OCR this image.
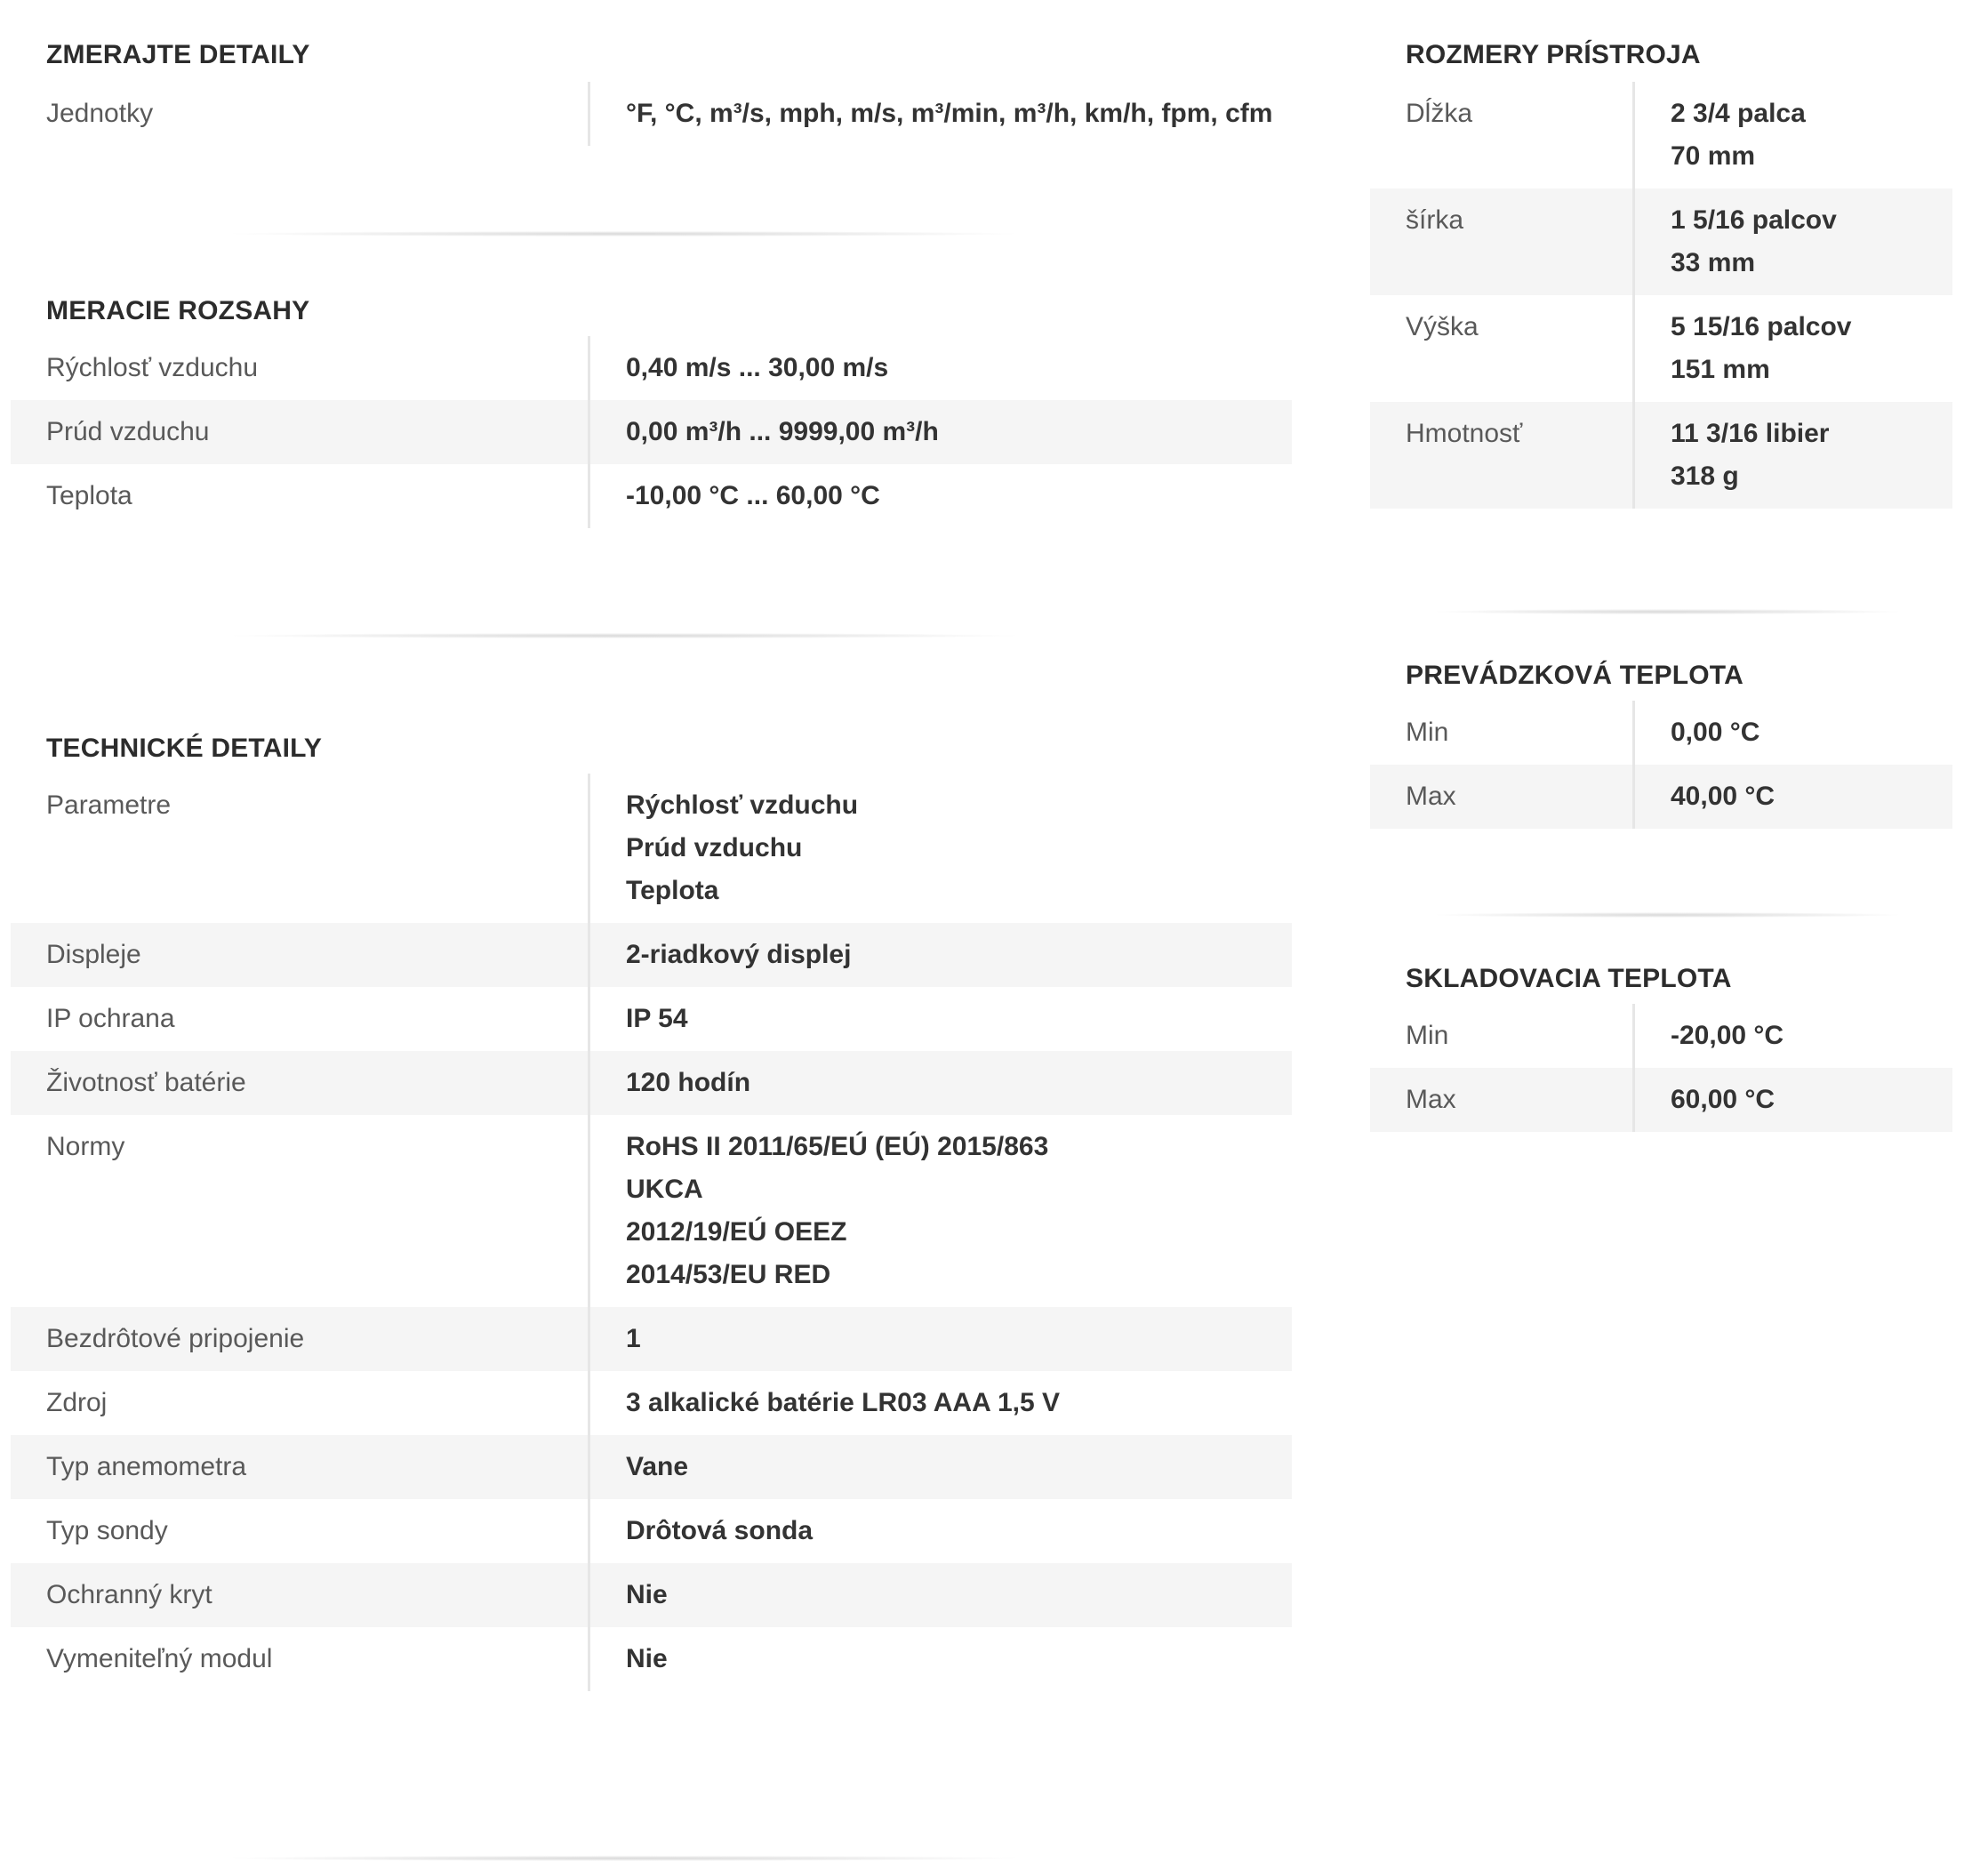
ZMERAJTE DETAILY
Jednotky	°F, °C, m³/s, mph, m/s, m³/min, m³/h, km/h, fpm, cfm
MERACIE ROZSAHY
Rýchlosť vzduchu	0,40 m/s ... 30,00 m/s

Prúd vzduchu	0,00 m³/h ... 9999,00 m³/h

Teplota	-10,00 °C ... 60,00 °C
TECHNICKÉ DETAILY
Parametre	Rýchlosť vzduchu
Prúd vzduchu
Teplota

Displeje	2-riadkový displej

IP ochrana	IP 54

Životnosť batérie	120 hodín

Normy	RoHS II 2011/65/EÚ (EÚ) 2015/863
UKCA
2012/19/EÚ OEEZ
2014/53/EU RED

Bezdrôtové pripojenie	1

Zdroj	3 alkalické batérie LR03 AAA 1,5 V

Typ anemometra	Vane

Typ sondy	Drôtová sonda

Ochranný kryt	Nie

Vymeniteľný modul	Nie
ROZMERY PRÍSTROJA
Dĺžka	2 3/4 palca
70 mm

šírka	1 5/16 palcov
33 mm

Výška	5 15/16 palcov
151 mm

Hmotnosť	11 3/16 libier
318 g
PREVÁDZKOVÁ TEPLOTA
Min	0,00 °C

Max	40,00 °C
SKLADOVACIA TEPLOTA
Min	-20,00 °C

Max	60,00 °C
